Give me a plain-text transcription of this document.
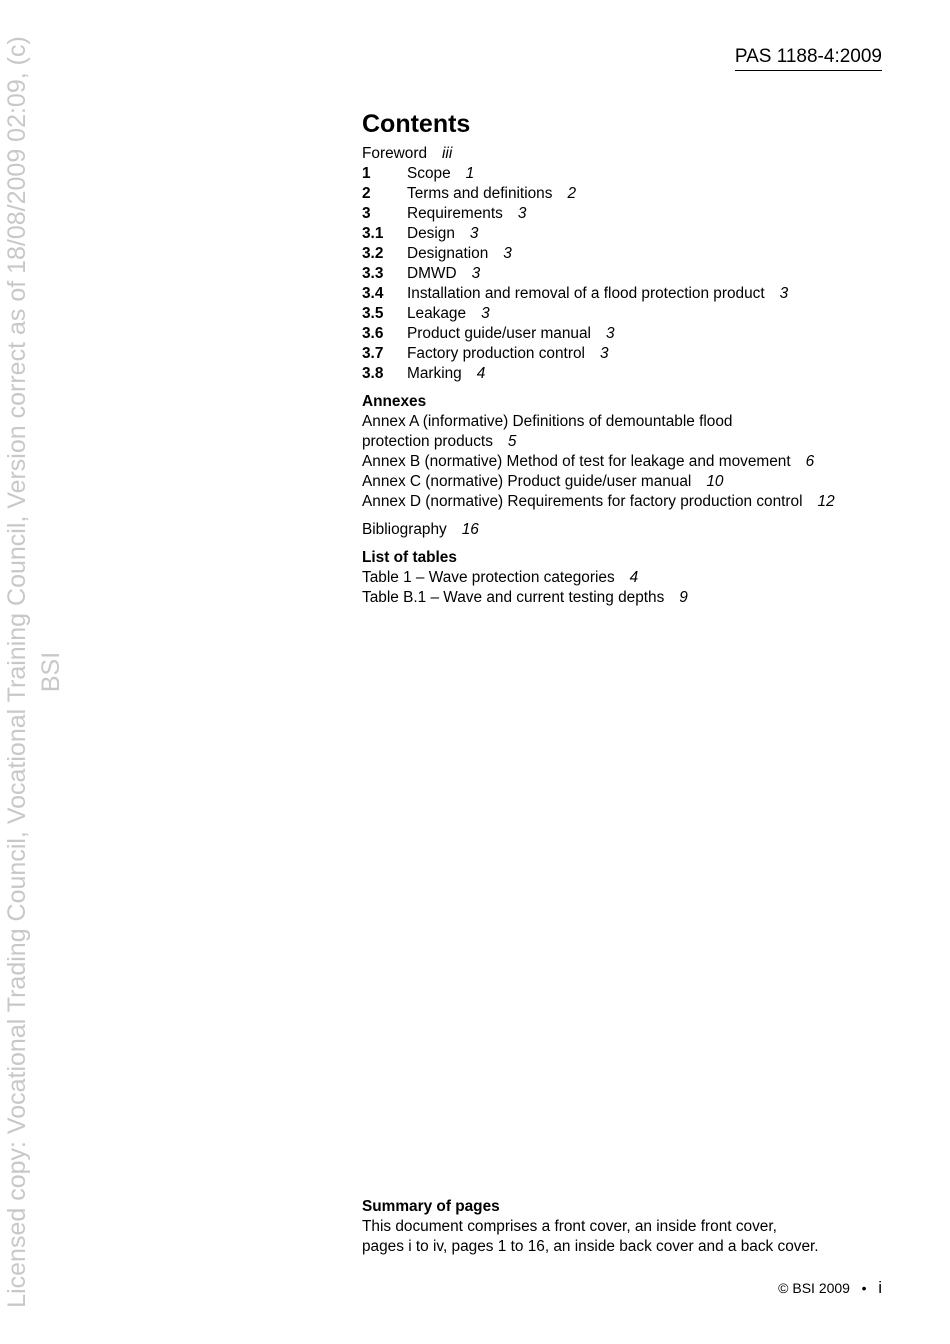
Licensed copy: Vocational Trading Council, Vocational Training Council, Version correct as of 18/08/2009 02:09, (c) BSI
PAS 1188-4:2009
Contents
Foreword iii
1	Scope 1
2	Terms and definitions 2
3	Requirements 3
3.1	Design 3
3.2	Designation 3
3.3	DMWD 3
3.4	Installation and removal of a flood protection product 3
3.5	Leakage 3
3.6	Product guide/user manual 3
3.7	Factory production control 3
3.8	Marking 4
Annexes
Annex A (informative) Definitions of demountable flood
protection products 5
Annex B (normative) Method of test for leakage and movement 6
Annex C (normative) Product guide/user manual 10
Annex D (normative) Requirements for factory production control 12
Bibliography 16
List of tables
Table 1 – Wave protection categories 4
Table B.1 – Wave and current testing depths 9
Summary of pages
This document comprises a front cover, an inside front cover,
pages i to iv, pages 1 to 16, an inside back cover and a back cover.
© BSI 2009 • i
